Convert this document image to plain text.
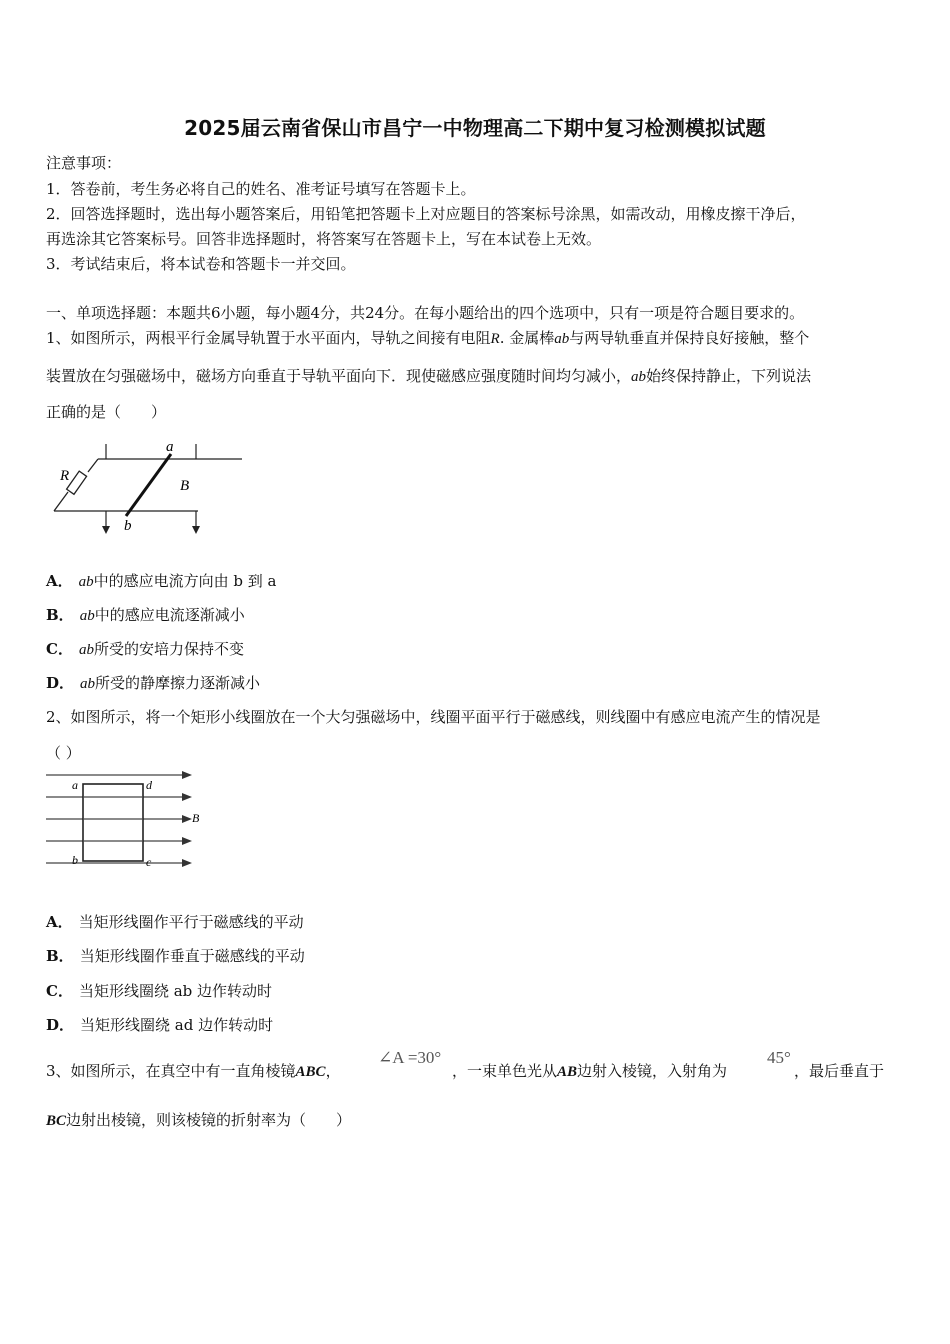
2025届云南省保山市昌宁一中物理高二下期中复习检测模拟试题
注意事项：
1．答卷前，考生务必将自己的姓名、准考证号填写在答题卡上。
2．回答选择题时，选出每小题答案后，用铅笔把答题卡上对应题目的答案标号涂黑，如需改动，用橡皮擦干净后，
再选涂其它答案标号。回答非选择题时，将答案写在答题卡上，写在本试卷上无效。
3．考试结束后，将本试卷和答题卡一并交回。
一、单项选择题：本题共6小题，每小题4分，共24分。在每小题给出的四个选项中，只有一项是符合题目要求的。
1、如图所示，两根平行金属导轨置于水平面内，导轨之间接有电阻R. 金属棒ab与两导轨垂直并保持良好接触，整个
装置放在匀强磁场中，磁场方向垂直于导轨平面向下．现使磁感应强度随时间均匀减小，ab始终保持静止，下列说法
正确的是（　　）
R
a
B
b
A． ab中的感应电流方向由 b 到 a
B． ab中的感应电流逐渐减小
C． ab所受的安培力保持不变
D． ab所受的静摩擦力逐渐减小
2、如图所示，将一个矩形小线圈放在一个大匀强磁场中，线圈平面平行于磁感线，则线圈中有感应电流产生的情况是
（ ）
a	d
b	c
B
A． 当矩形线圈作平行于磁感线的平动
B． 当矩形线圈作垂直于磁感线的平动
C． 当矩形线圈绕 ab 边作转动时
D． 当矩形线圈绕 ad 边作转动时
3、如图所示，在真空中有一直角棱镜ABC，
∠A =30°
，一束单色光从AB边射入棱镜，入射角为
45°
，最后垂直于
BC边射出棱镜，则该棱镜的折射率为（　　）
